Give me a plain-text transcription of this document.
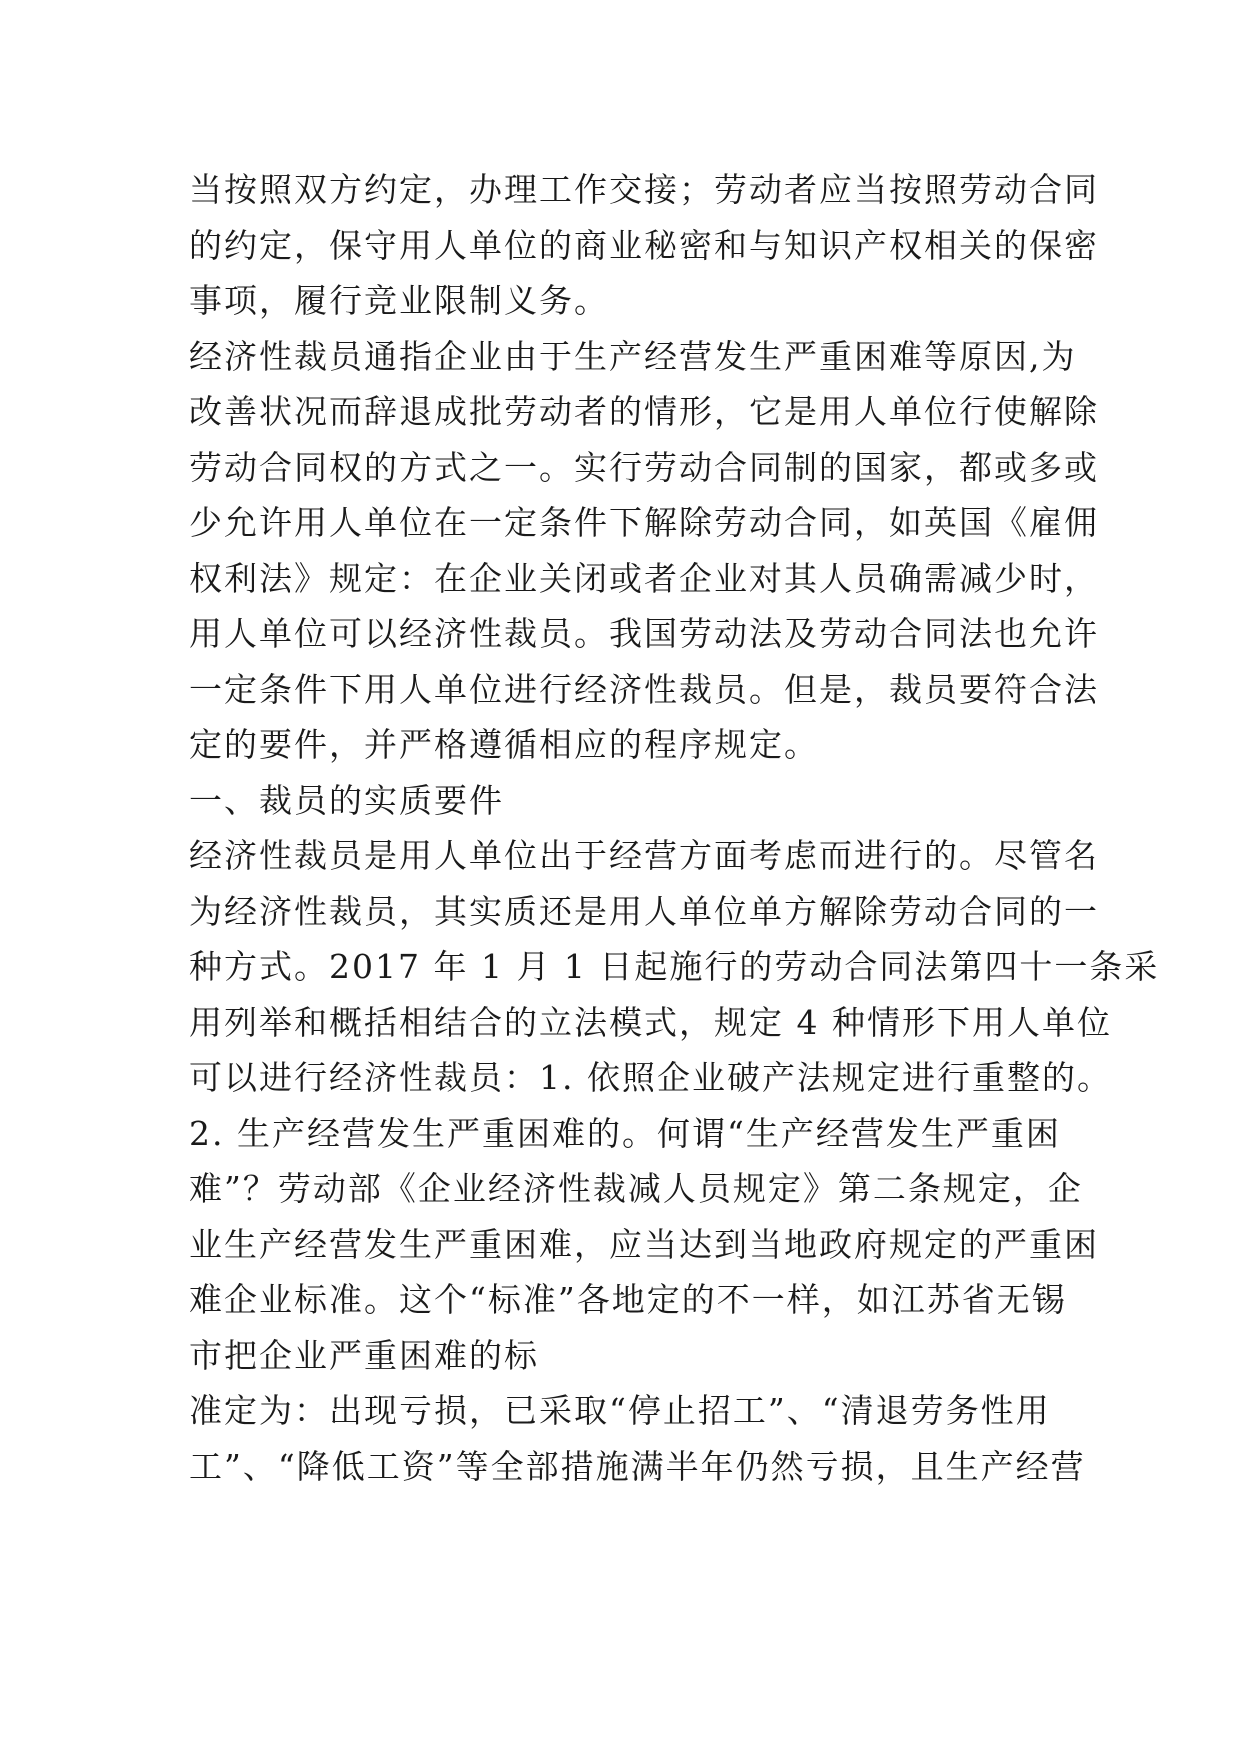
当按照双方约定，办理工作交接；劳动者应当按照劳动合同
的约定，保守用人单位的商业秘密和与知识产权相关的保密
事项，履行竞业限制义务。
经济性裁员通指企业由于生产经营发生严重困难等原因,为
改善状况而辞退成批劳动者的情形，它是用人单位行使解除
劳动合同权的方式之一。实行劳动合同制的国家，都或多或
少允许用人单位在一定条件下解除劳动合同，如英国《雇佣
权利法》规定：在企业关闭或者企业对其人员确需减少时，
用人单位可以经济性裁员。我国劳动法及劳动合同法也允许
一定条件下用人单位进行经济性裁员。但是，裁员要符合法
定的要件，并严格遵循相应的程序规定。
一、裁员的实质要件
经济性裁员是用人单位出于经营方面考虑而进行的。尽管名
为经济性裁员，其实质还是用人单位单方解除劳动合同的一
种方式。2017 年 1 月 1 日起施行的劳动合同法第四十一条采
用列举和概括相结合的立法模式，规定 4 种情形下用人单位
可以进行经济性裁员：1. 依照企业破产法规定进行重整的。
2. 生产经营发生严重困难的。何谓“生产经营发生严重困
难”？劳动部《企业经济性裁减人员规定》第二条规定，企
业生产经营发生严重困难，应当达到当地政府规定的严重困
难企业标准。这个“标准”各地定的不一样，如江苏省无锡
市把企业严重困难的标
准定为：出现亏损，已采取“停止招工”、“清退劳务性用
工”、“降低工资”等全部措施满半年仍然亏损，且生产经营
